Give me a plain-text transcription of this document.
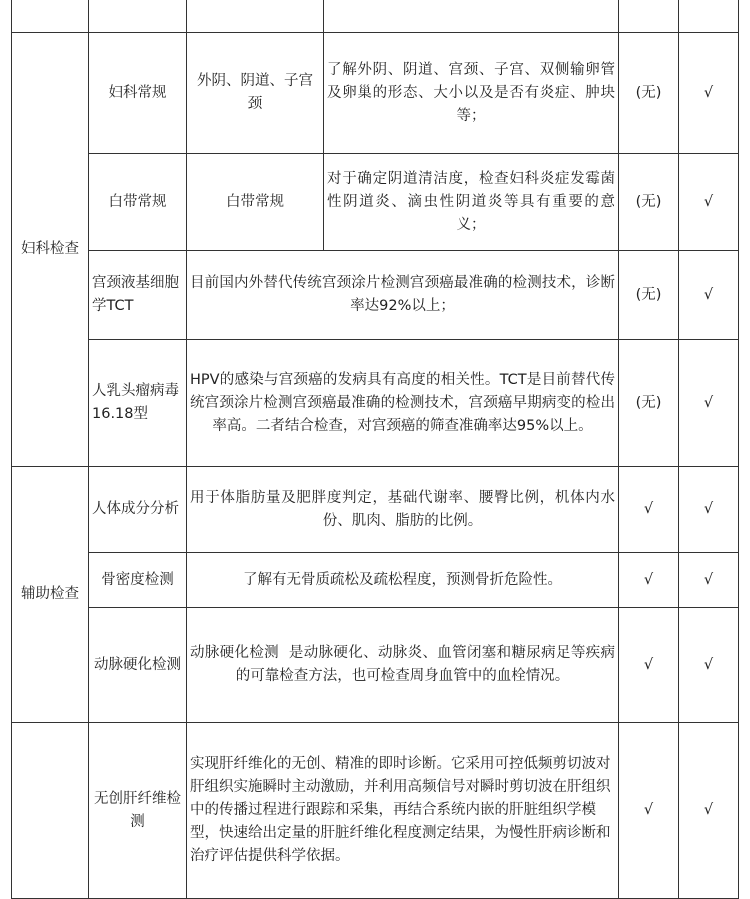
妇科检查	妇科常规	外阴、阴道、子宫颈	了解外阴、阴道、宫颈、子宫、双侧输卵管及卵巢的形态、大小以及是否有炎症、肿块等；	(无)	√
	白带常规	白带常规	对于确定阴道清洁度，检查妇科炎症发霉菌性阴道炎、滴虫性阴道炎等具有重要的意义；	(无)	√
	宫颈液基细胞学TCT	目前国内外替代传统宫颈涂片检测宫颈癌最准确的检测技术，诊断率达92%以上；		(无)	√
	人乳头瘤病毒16.18型	HPV的感染与宫颈癌的发病具有高度的相关性。TCT是目前替代传统宫颈涂片检测宫颈癌最准确的检测技术，宫颈癌早期病变的检出率高。二者结合检查，对宫颈癌的筛查准确率达95%以上。		(无)	√
辅助检查	人体成分分析	用于体脂肪量及肥胖度判定，基础代谢率、腰臀比例，机体内水份、肌肉、脂肪的比例。		√	√
	骨密度检测	了解有无骨质疏松及疏松程度，预测骨折危险性。		√	√
	动脉硬化检测	动脉硬化检测  是动脉硬化、动脉炎、血管闭塞和糖尿病足等疾病的可靠检查方法，也可检查周身血管中的血栓情况。		√	√
	无创肝纤维检测	实现肝纤维化的无创、精准的即时诊断。它采用可控低频剪切波对肝组织实施瞬时主动激励，并利用高频信号对瞬时剪切波在肝组织中的传播过程进行跟踪和采集，再结合系统内嵌的肝脏组织学模型，快速给出定量的肝脏纤维化程度测定结果，为慢性肝病诊断和治疗评估提供科学依据。		√	√
